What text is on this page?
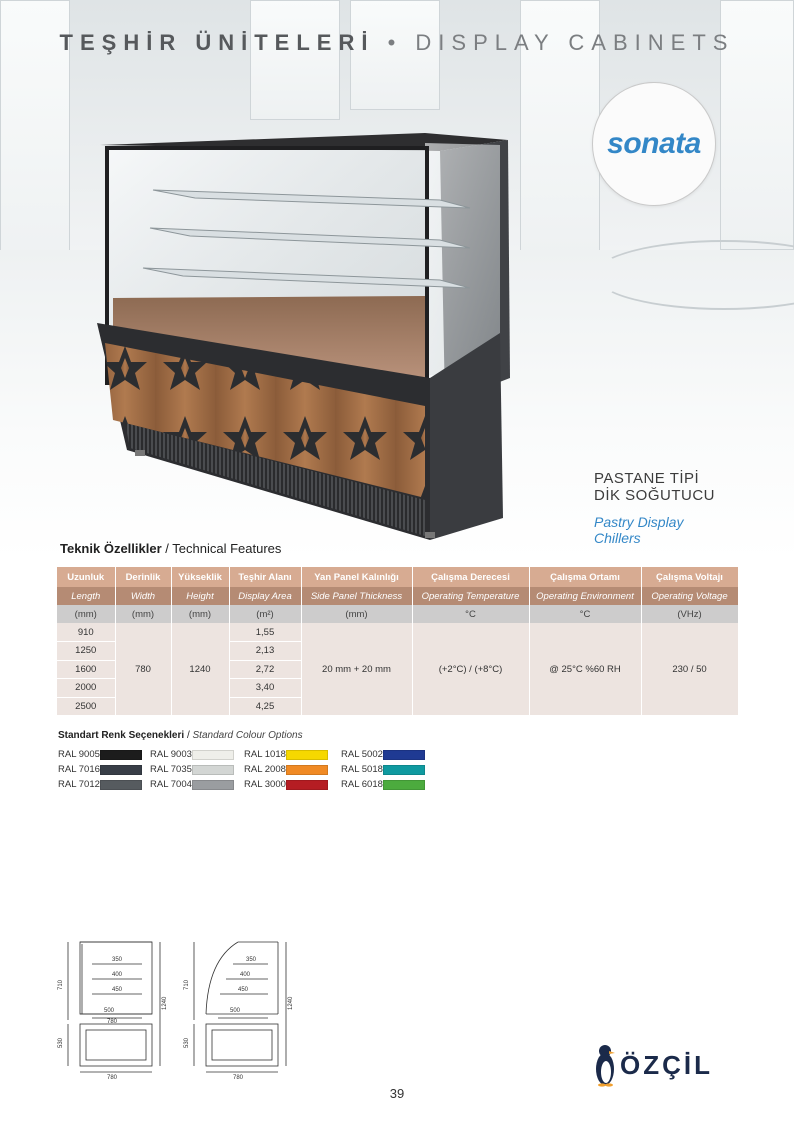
TEŞHİR ÜNİTELERİ • DISPLAY CABINETS
sonata
PASTANE TİPİ
DİK SOĞUTUCU
Pastry Display
Chillers
Teknik Özellikler / Technical Features
Uzunluk	Derinlik	Yükseklik	Teşhir Alanı	Yan Panel Kalınlığı	Çalışma Derecesi	Çalışma Ortamı	Çalışma Voltajı
Length	Width	Height	Display Area	Side Panel Thickness	Operating Temperature	Operating Environment	Operating Voltage
(mm)	(mm)	(mm)	(m²)	(mm)	°C	°C	(VHz)
910	780	1240	1,55	20 mm + 20 mm	(+2°C) / (+8°C)	@ 25°C %60 RH	230 / 50
1250			2,13				
1600			2,72				
2000			3,40				
2500			4,25				
Standart Renk Seçenekleri / Standard Colour Options
RAL 9005
RAL 7016
RAL 7012
RAL 9003
RAL 7035
RAL 7004
RAL 1018
RAL 2008
RAL 3000
RAL 5002
RAL 5018
RAL 6018
350
400
450
500
780
780
710
530
1240
350
400
450
500
780
710
530
1240
ÖZÇİL
39
